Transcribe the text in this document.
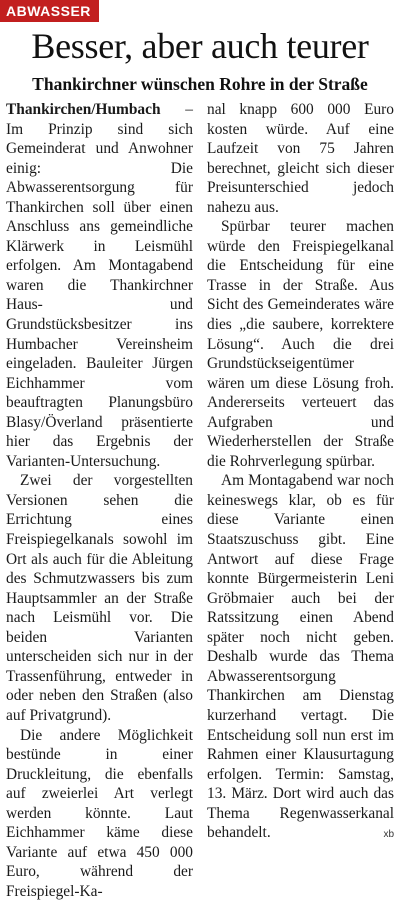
ABWASSER
Besser, aber auch teurer
Thankirchner wünschen Rohre in der Straße

Thankirchen/Humbach – Im Prinzip sind sich Gemeinderat und Anwohner einig: Die Abwasserentsorgung für Thankirchen soll über einen Anschluss ans gemeindliche Klärwerk in Leismühl erfolgen. Am Montagabend waren die Thankirchner Haus- und Grundstücksbesitzer ins Humbacher Vereinsheim eingeladen. Bauleiter Jürgen Eichhammer vom beauftragten Planungsbüro Blasy/Överland präsentierte hier das Ergebnis der Varianten-Untersuchung.

Zwei der vorgestellten Versionen sehen die Errichtung eines Freispiegelkanals sowohl im Ort als auch für die Ableitung des Schmutzwassers bis zum Hauptsammler an der Straße nach Leismühl vor. Die beiden Varianten unterscheiden sich nur in der Trassenführung, entweder in oder neben den Straßen (also auf Privatgrund).

Die andere Möglichkeit bestünde in einer Druckleitung, die ebenfalls auf zweierlei Art verlegt werden könnte. Laut Eichhammer käme diese Variante auf etwa 450 000 Euro, während der Freispiegel-Ka-

nal knapp 600 000 Euro kosten würde. Auf eine Laufzeit von 75 Jahren berechnet, gleicht sich dieser Preisunterschied jedoch nahezu aus.

Spürbar teurer machen würde den Freispiegelkanal die Entscheidung für eine Trasse in der Straße. Aus Sicht des Gemeinderates wäre dies „die saubere, korrektere Lösung“. Auch die drei Grundstückseigentümer wären um diese Lösung froh. Andererseits verteuert das Aufgraben und Wiederherstellen der Straße die Rohrverlegung spürbar.

Am Montagabend war noch keineswegs klar, ob es für diese Variante einen Staatszuschuss gibt. Eine Antwort auf diese Frage konnte Bürgermeisterin Leni Gröbmaier auch bei der Ratssitzung einen Abend später noch nicht geben. Deshalb wurde das Thema Abwasserentsorgung Thankirchen am Dienstag kurzerhand vertagt. Die Entscheidung soll nun erst im Rahmen einer Klausurtagung erfolgen. Termin: Samstag, 13. März. Dort wird auch das Thema Regenwasserkanal behandelt.	xb
